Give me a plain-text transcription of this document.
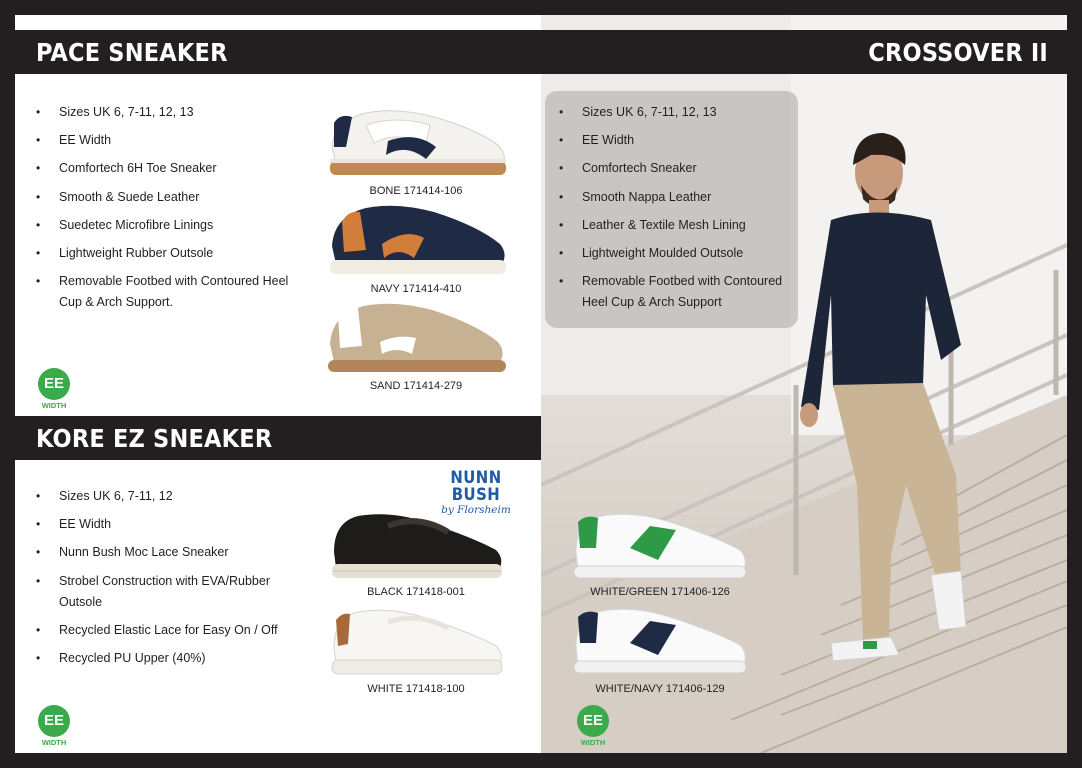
PACE SNEAKER	CROSSOVER II
• Sizes UK 6, 7-11, 12, 13
• EE Width
• Comfortech 6H Toe Sneaker
• Smooth & Suede Leather
• Suedetec Microfibre Linings
• Lightweight Rubber Outsole
• Removable Footbed with Contoured Heel Cup & Arch Support.
BONE 171414-106
NAVY 171414-410
SAND 171414-279
EE
WIDTH
KORE EZ SNEAKER
NUNN BUSH
by Florsheim
• Sizes UK 6, 7-11, 12
• EE Width
• Nunn Bush Moc Lace Sneaker
• Strobel Construction with EVA/Rubber Outsole
• Recycled Elastic Lace for Easy On / Off
• Recycled PU Upper (40%)
BLACK 171418-001
WHITE 171418-100
EE
WIDTH
• Sizes UK 6, 7-11, 12, 13
• EE Width
• Comfortech Sneaker
• Smooth Nappa Leather
• Leather & Textile Mesh Lining
• Lightweight Moulded Outsole
• Removable Footbed with Contoured Heel Cup & Arch Support
WHITE/GREEN 171406-126
WHITE/NAVY 171406-129
EE
WIDTH
